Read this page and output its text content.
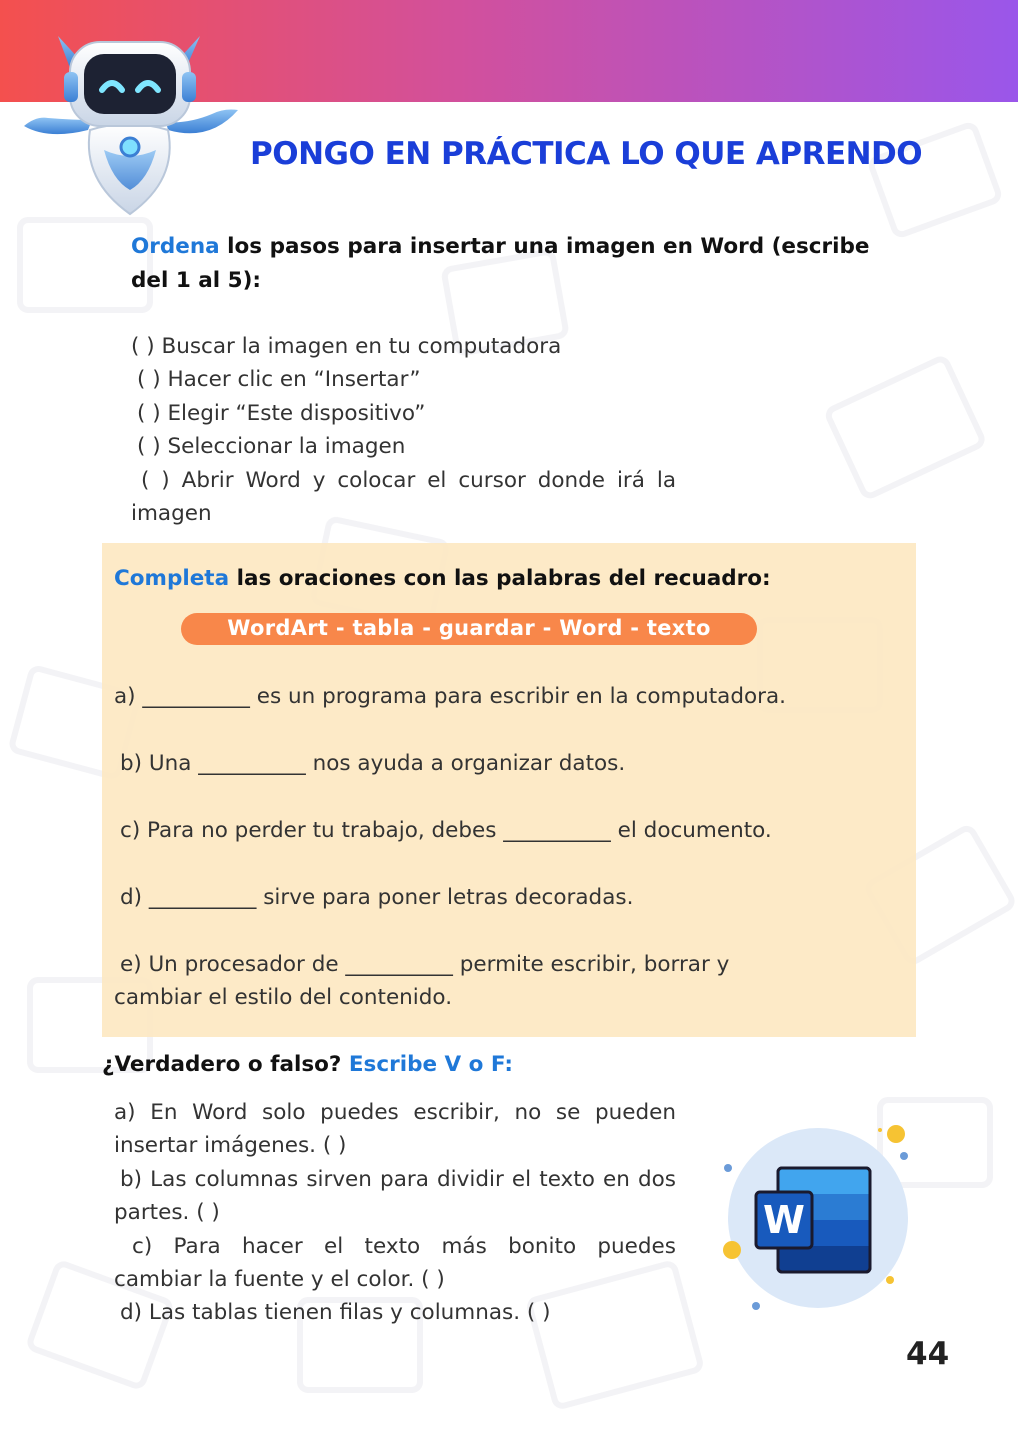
PONGO EN PRÁCTICA LO QUE APRENDO
Ordena los pasos para insertar una imagen en Word (escribe del 1 al 5):
( ) Buscar la imagen en tu computadora
( ) Hacer clic en “Insertar”
( ) Elegir “Este dispositivo”
( ) Seleccionar la imagen
( ) Abrir Word y colocar el cursor donde irá la
imagen
Completa las oraciones con las palabras del recuadro:
WordArt - tabla - guardar - Word - texto
a) __________ es un programa para escribir en la computadora.
b) Una __________ nos ayuda a organizar datos.
c) Para no perder tu trabajo, debes __________ el documento.
d) __________ sirve para poner letras decoradas.
e) Un procesador de __________ permite escribir, borrar y
cambiar el estilo del contenido.
¿Verdadero o falso? Escribe V o F:
a) En Word solo puedes escribir, no se pueden
insertar imágenes. ( )
b) Las columnas sirven para dividir el texto en dos
partes. ( )
c) Para hacer el texto más bonito puedes
cambiar la fuente y el color. ( )
d) Las tablas tienen filas y columnas. ( )
W
44
